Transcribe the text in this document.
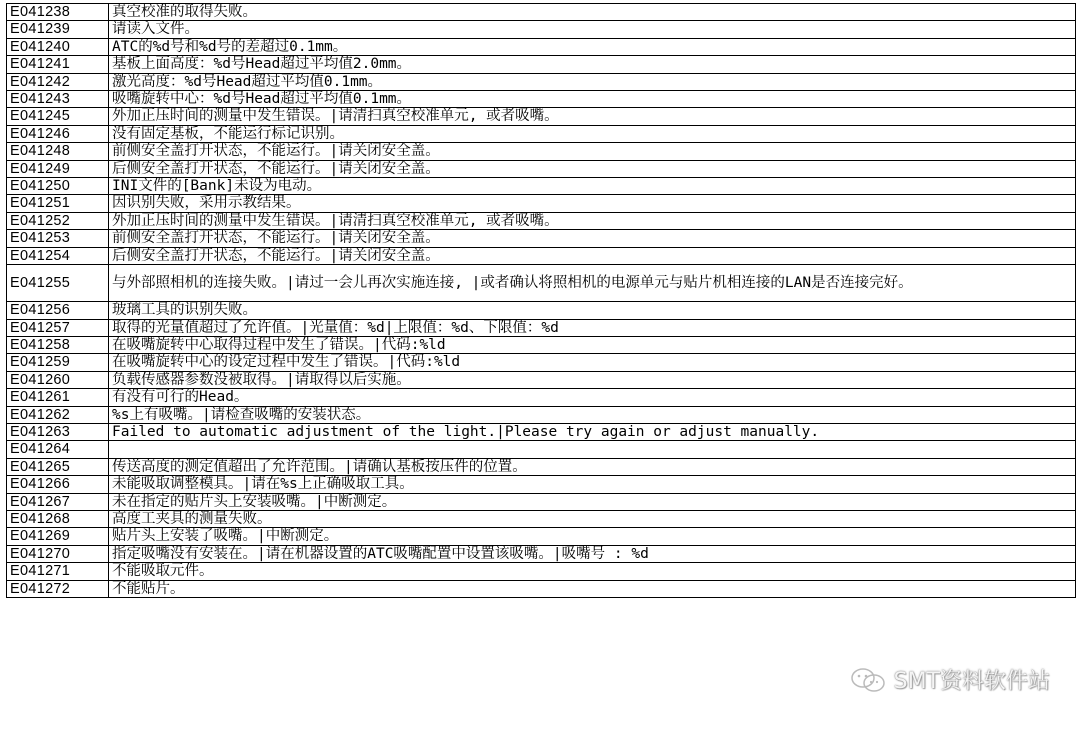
E041238	真空校准的取得失败。
E041239	请读入文件。
E041240	ATC的%d号和%d号的差超过0.1mm。
E041241	基板上面高度：%d号Head超过平均值2.0mm。
E041242	激光高度：%d号Head超过平均值0.1mm。
E041243	吸嘴旋转中心：%d号Head超过平均值0.1mm。
E041245	外加正压时间的测量中发生错误。|请清扫真空校准单元, 或者吸嘴。
E041246	没有固定基板，不能运行标记识别。
E041248	前侧安全盖打开状态，不能运行。|请关闭安全盖。
E041249	后侧安全盖打开状态，不能运行。|请关闭安全盖。
E041250	INI文件的[Bank]未设为电动。
E041251	因识别失败，采用示教结果。
E041252	外加正压时间的测量中发生错误。|请清扫真空校准单元, 或者吸嘴。
E041253	前侧安全盖打开状态，不能运行。|请关闭安全盖。
E041254	后侧安全盖打开状态，不能运行。|请关闭安全盖。
E041255	与外部照相机的连接失败。|请过一会儿再次实施连接, |或者确认将照相机的电源单元与贴片机相连接的LAN是否连接完好。
E041256	玻璃工具的识别失败。
E041257	取得的光量值超过了允许值。|光量值：%d|上限值：%d、下限值：%d
E041258	在吸嘴旋转中心取得过程中发生了错误。|代码:%ld
E041259	在吸嘴旋转中心的设定过程中发生了错误。|代码:%ld
E041260	负载传感器参数没被取得。|请取得以后实施。
E041261	有没有可行的Head。
E041262	%s上有吸嘴。|请检查吸嘴的安装状态。
E041263	Failed to automatic adjustment of the light.|Please try again or adjust manually.
E041264	
E041265	传送高度的测定值超出了允许范围。|请确认基板按压件的位置。
E041266	未能吸取调整模具。|请在%s上正确吸取工具。
E041267	未在指定的贴片头上安装吸嘴。|中断测定。
E041268	高度工夹具的测量失败。
E041269	贴片头上安装了吸嘴。|中断测定。
E041270	指定吸嘴没有安装在。|请在机器设置的ATC吸嘴配置中设置该吸嘴。|吸嘴号 : %d
E041271	不能吸取元件。
E041272	不能贴片。
SMT资料软件站
